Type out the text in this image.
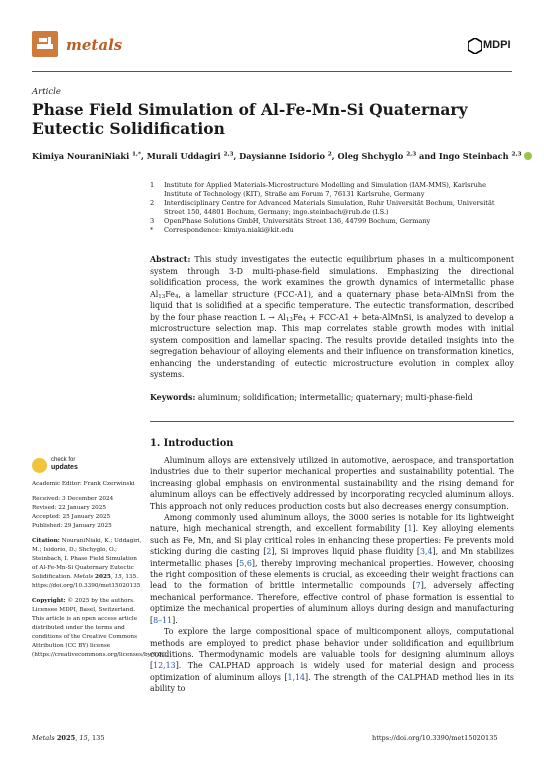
metals	MDPI
Article
Phase Field Simulation of Al-Fe-Mn-Si Quaternary Eutectic Solidification
Kimiya NouraniNiaki $^{1,*}$, Murali Uddagiri $^{2,3}$, Daysianne Isidorio $^2$, Oleg Shchyglo $^{2,3}$ and Ingo Steinbach $^{2,3}$
1	Institute for Applied Materials-Microstructure Modelling and Simulation (IAM-MMS), Karlsruhe Institute of Technology (KIT), Straße am Forum 7, 76131 Karlsruhe, Germany
2	Interdisciplinary Centre for Advanced Materials Simulation, Ruhr Universität Bochum, Universität Street 150, 44801 Bochum, Germany; ingo.steinbach@rub.de (I.S.)
3	OpenPhase Solutions GmbH, Universitäts Street 136, 44799 Bochum, Germany
*	Correspondence: kimiya.niaki@kit.edu
Abstract: This study investigates the eutectic equilibrium phases in a multicomponent system through 3-D multi-phase-field simulations. Emphasizing the directional solidification process, the work examines the growth dynamics of intermetallic phase $Al_{13}Fe_4$, a lamellar structure (FCC-A1), and a quaternary phase beta-AlMnSi from the liquid that is solidified at a specific temperature. The eutectic transformation, described by the four phase reaction $L \to Al_{13}Fe_4 + FCC-A1$ + beta-AlMnSi, is analyzed to develop a microstructure selection map. This map correlates stable growth modes with initial system composition and lamellar spacing. The results provide detailed insights into the segregation behaviour of alloying elements and their influence on transformation kinetics, enhancing the understanding of eutectic microstructure evolution in complex alloy systems.
Keywords: aluminum; solidification; intermetallic; quaternary; multi-phase-field
1. Introduction

Aluminum alloys are extensively utilized in automotive, aerospace, and transportation industries due to their superior mechanical properties and sustainability potential. The increasing global emphasis on environmental sustainability and the rising demand for aluminum alloys can be effectively addressed by incorporating recycled aluminum alloys. This approach not only reduces production costs but also decreases energy consumption.

Among commonly used aluminum alloys, the 3000 series is notable for its lightweight nature, high mechanical strength, and excellent formability [1]. Key alloying elements such as Fe, Mn, and Si play critical roles in enhancing these properties: Fe prevents mold sticking during die casting [2], Si improves liquid phase fluidity [3,4], and Mn stabilizes intermetallic phases [5,6], thereby improving mechanical properties. However, choosing the right composition of these elements is crucial, as exceeding their weight fractions can lead to the formation of brittle intermetallic compounds [7], adversely affecting mechanical performance. Therefore, effective control of phase formation is essential to optimize the mechanical properties of aluminum alloys during design and manufacturing [8–11].

To explore the large compositional space of multicomponent alloys, computational methods are employed to predict phase behavior under solidification and equilibrium conditions. Thermodynamic models are valuable tools for designing aluminum alloys [12,13]. The CALPHAD approach is widely used for material design and process optimization of aluminum alloys [1,14]. The strength of the CALPHAD method lies in its ability to

check for
updates

Academic Editor: Frank Czerwinski

Received: 3 December 2024
Revised: 22 January 2025
Accepted: 25 January 2025
Published: 29 January 2025

Citation: NouraniNiaki, K.; Uddagiri, M.; Isidorio, D.; Shchyglo, O.; Steinbach, I. Phase Field Simulation of Al-Fe-Mn-Si Quaternary Eutectic Solidification. Metals 2025, 15, 135. https://doi.org/10.3390/met15020135

Copyright: © 2025 by the authors. Licensee MDPI, Basel, Switzerland. This article is an open access article distributed under the terms and conditions of the Creative Commons Attribution (CC BY) license (https://creativecommons.org/licenses/by/4.0/).

Metals 2025, 15, 135	https://doi.org/10.3390/met15020135
